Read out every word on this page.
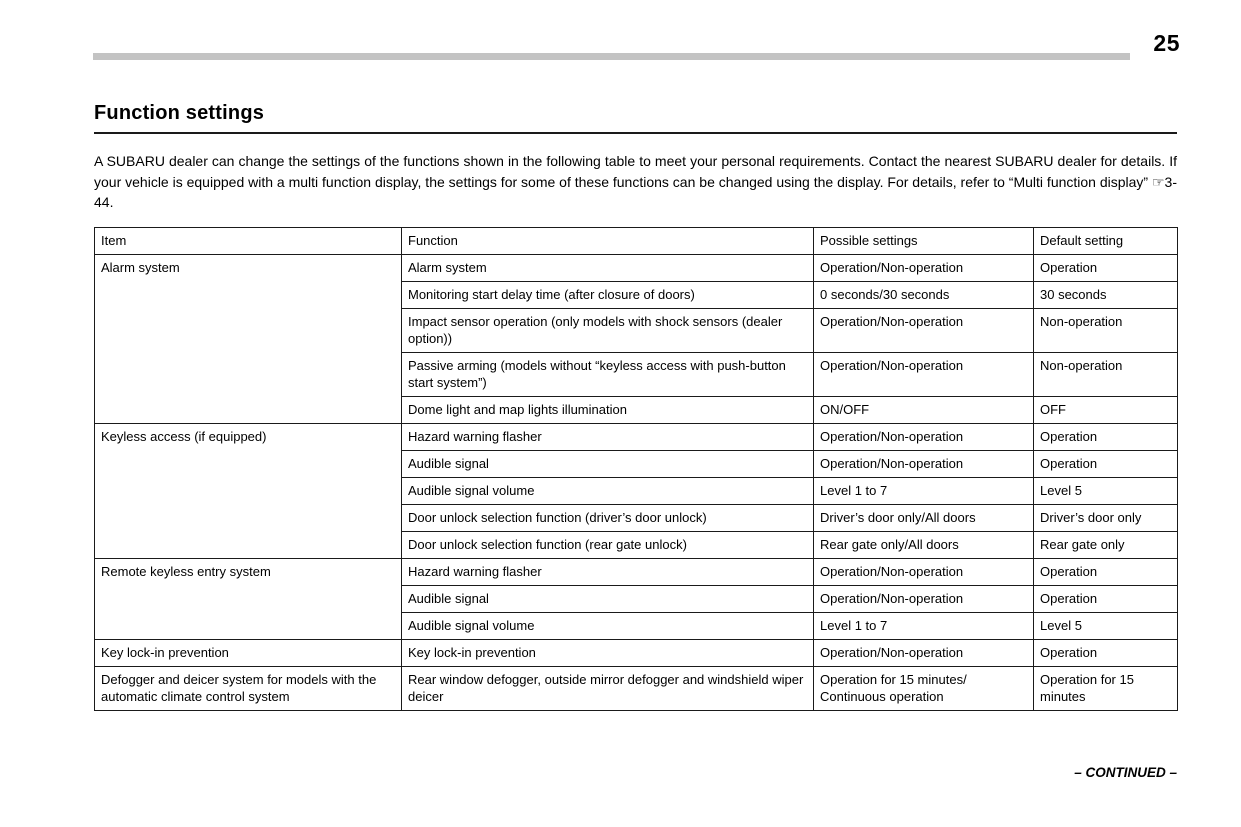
25
Function settings

A SUBARU dealer can change the settings of the functions shown in the following table to meet your personal requirements. Contact the nearest SUBARU dealer for details. If your vehicle is equipped with a multi function display, the settings for some of these functions can be changed using the display. For details, refer to “Multi function display” ☞3-44.

Item	Function	Possible settings	Default setting
Alarm system	Alarm system	Operation/Non-operation	Operation
	Monitoring start delay time (after closure of doors)	0 seconds/30 seconds	30 seconds
	Impact sensor operation (only models with shock sensors (dealer option))	Operation/Non-operation	Non-operation
	Passive arming (models without “keyless access with push-button start system”)	Operation/Non-operation	Non-operation
	Dome light and map lights illumination	ON/OFF	OFF
Keyless access (if equipped)	Hazard warning flasher	Operation/Non-operation	Operation
	Audible signal	Operation/Non-operation	Operation
	Audible signal volume	Level 1 to 7	Level 5
	Door unlock selection function (driver’s door unlock)	Driver’s door only/All doors	Driver’s door only
	Door unlock selection function (rear gate unlock)	Rear gate only/All doors	Rear gate only
Remote keyless entry system	Hazard warning flasher	Operation/Non-operation	Operation
	Audible signal	Operation/Non-operation	Operation
	Audible signal volume	Level 1 to 7	Level 5
Key lock-in prevention	Key lock-in prevention	Operation/Non-operation	Operation
Defogger and deicer system for models with the automatic climate control system	Rear window defogger, outside mirror defogger and windshield wiper deicer	Operation for 15 minutes/ Continuous operation	Operation for 15 minutes
– CONTINUED –
